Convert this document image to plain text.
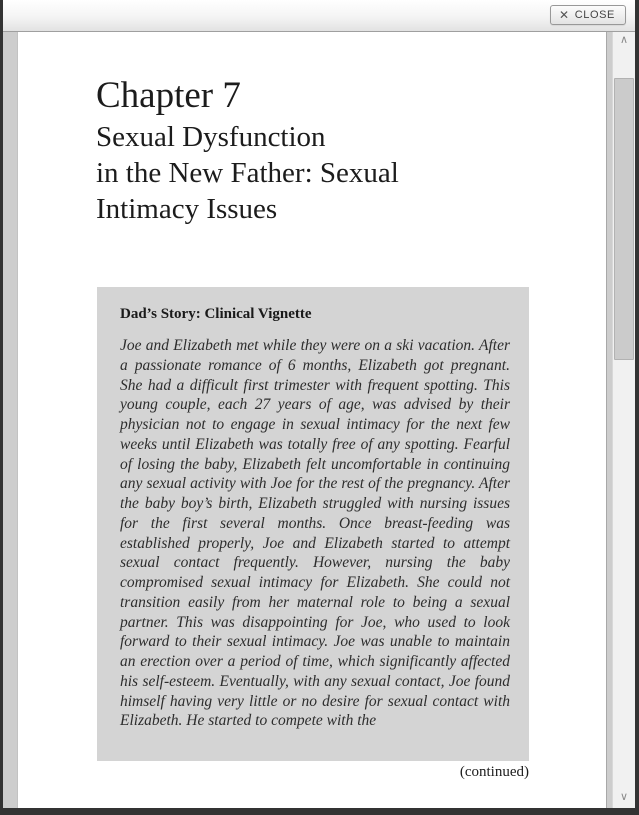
✕ CLOSE
Chapter 7
Sexual Dysfunction
in the New Father: Sexual
Intimacy Issues

Dad’s Story: Clinical Vignette

Joe and Elizabeth met while they were on a ski vacation. After a passionate romance of 6 months, Elizabeth got pregnant. She had a difficult first trimester with frequent spotting. This young couple, each 27 years of age, was advised by their physician not to engage in sexual intimacy for the next few weeks until Elizabeth was totally free of any spotting. Fearful of losing the baby, Elizabeth felt uncomfortable in continuing any sexual activity with Joe for the rest of the pregnancy. After the baby boy’s birth, Elizabeth struggled with nursing issues for the first several months. Once breast-feeding was established properly, Joe and Elizabeth started to attempt sexual contact frequently. However, nursing the baby compromised sexual intimacy for Elizabeth. She could not transition easily from her maternal role to being a sexual partner. This was disappointing for Joe, who used to look forward to their sexual intimacy. Joe was unable to maintain an erection over a period of time, which significantly affected his self-esteem. Eventually, with any sexual contact, Joe found himself having very little or no desire for sexual contact with Elizabeth. He started to compete with the

(continued)
∧
∨
